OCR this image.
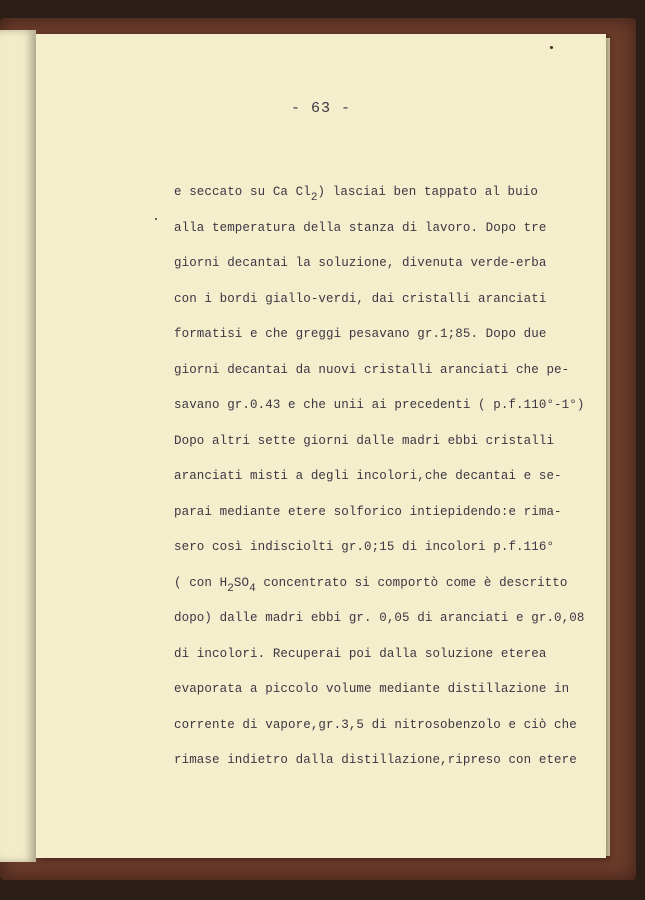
- 63 -
e seccato su Ca Cl2) lasciai ben tappato al buio
alla temperatura della stanza di lavoro. Dopo tre
giorni decantai la soluzione, divenuta verde-erba
con i bordi giallo-verdi, dai cristalli aranciati
formatisi e che greggi pesavano gr.1;85. Dopo due
giorni decantai da nuovi cristalli aranciati che pe-
savano gr.0.43 e che unii ai precedenti ( p.f.110°-1°)
Dopo altri sette giorni dalle madri ebbi cristalli
aranciati misti a degli incolori,che decantai e se-
parai mediante etere solforico intiepidendo:e rima-
sero così indisciolti gr.0;15 di incolori p.f.116°
( con H2SO4 concentrato si comportò come è descritto
dopo) dalle madri ebbi gr. 0,05 di aranciati e gr.0,08
di incolori. Recuperai poi dalla soluzione eterea
evaporata a piccolo volume mediante distillazione in
corrente di vapore,gr.3,5 di nitrosobenzolo e ciò che
rimase indietro dalla distillazione,ripreso con etere
